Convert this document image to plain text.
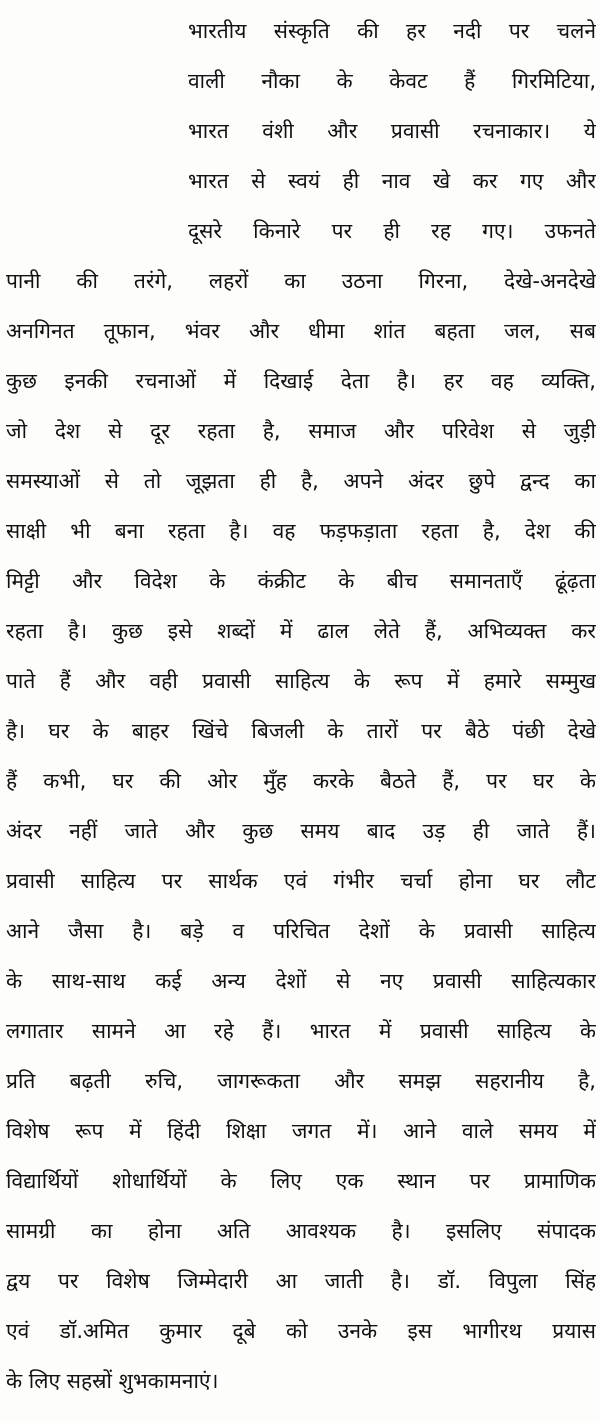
भारतीय संस्कृति की हर नदी पर चलने
वाली नौका के केवट हैं गिरमिटिया,
भारत वंशी और प्रवासी रचनाकार। ये
भारत से स्वयं ही नाव खे कर गए और
दूसरे किनारे पर ही रह गए। उफनते
पानी की तरंगे, लहरों का उठना गिरना, देखे-अनदेखे
अनगिनत तूफान, भंवर और धीमा शांत बहता जल, सब
कुछ इनकी रचनाओं में दिखाई देता है। हर वह व्यक्ति,
जो देश से दूर रहता है, समाज और परिवेश से जुड़ी
समस्याओं से तो जूझता ही है, अपने अंदर छुपे द्वन्द का
साक्षी भी बना रहता है। वह फड़फड़ाता रहता है, देश की
मिट्टी और विदेश के कंक्रीट के बीच समानताएँ ढूंढ़ता
रहता है। कुछ इसे शब्दों में ढाल लेते हैं, अभिव्यक्त कर
पाते हैं और वही प्रवासी साहित्य के रूप में हमारे सम्मुख
है। घर के बाहर खिंचे बिजली के तारों पर बैठे पंछी देखे
हैं कभी, घर की ओर मुँह करके बैठते हैं, पर घर के
अंदर नहीं जाते और कुछ समय बाद उड़ ही जाते हैं।
प्रवासी साहित्य पर सार्थक एवं गंभीर चर्चा होना घर लौट
आने जैसा है। बड़े व परिचित देशों के प्रवासी साहित्य
के साथ-साथ कई अन्य देशों से नए प्रवासी साहित्यकार
लगातार सामने आ रहे हैं। भारत में प्रवासी साहित्य के
प्रति बढ़ती रुचि, जागरूकता और समझ सहरानीय है,
विशेष रूप में हिंदी शिक्षा जगत में। आने वाले समय में
विद्यार्थियों शोधार्थियों के लिए एक स्थान पर प्रामाणिक
सामग्री का होना अति आवश्यक है। इसलिए संपादक
द्वय पर विशेष जिम्मेदारी आ जाती है। डॉ. विपुला सिंह
एवं डॉ.अमित कुमार दूबे को उनके इस भागीरथ प्रयास
के लिए सहस्रों शुभकामनाएं।
